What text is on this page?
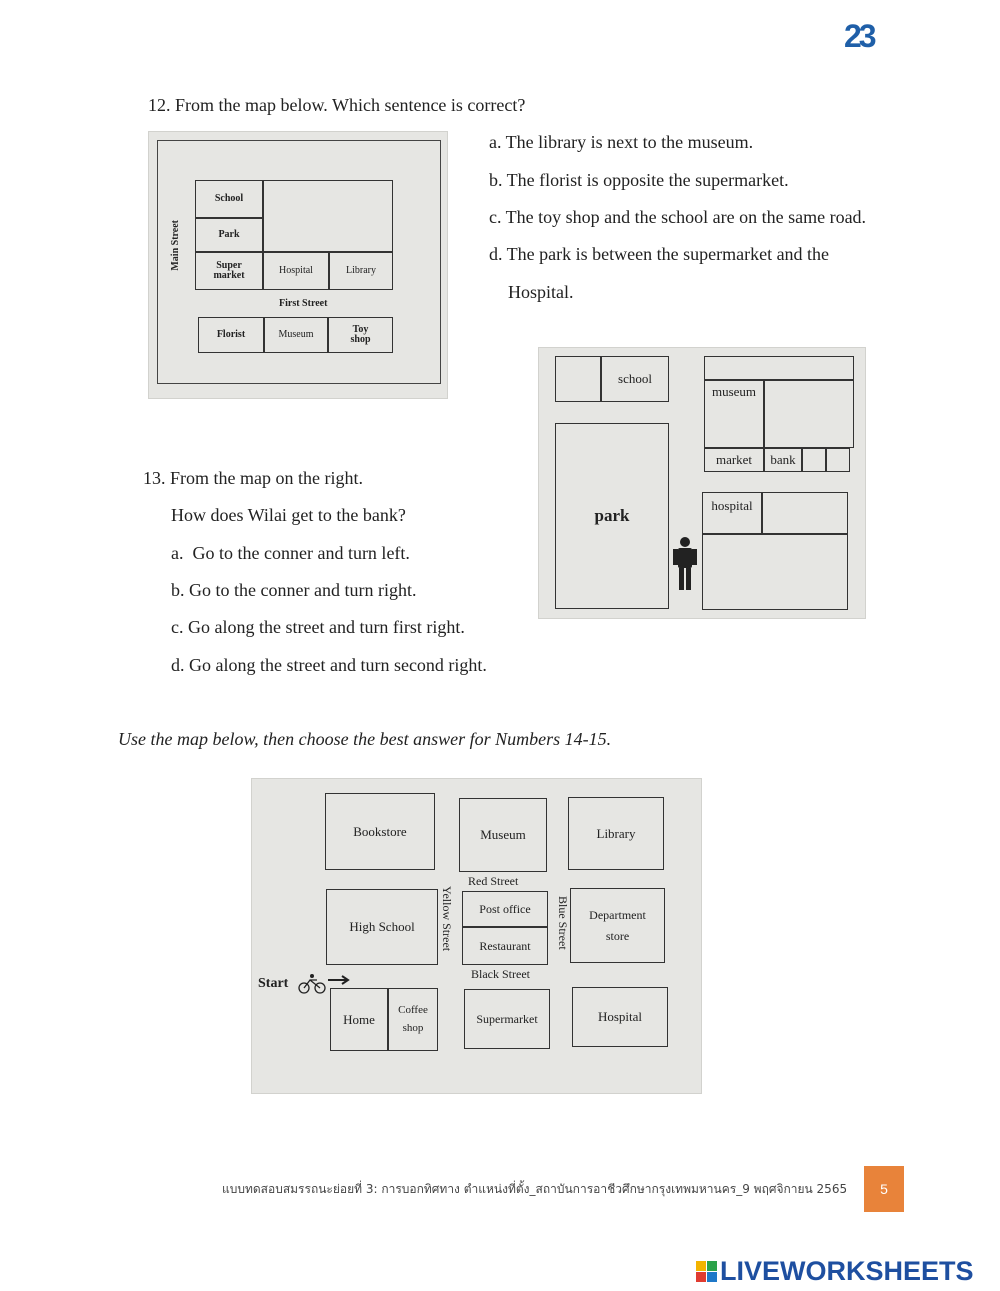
23
12. From the map below. Which sentence is correct?
a. The library is next to the museum.
b. The florist is opposite the supermarket.
c. The toy shop and the school are on the same road.
d. The park is between the supermarket and the
Hospital.
Main Street
School
Park
Super
market	Hospital	Library
First Street
Florist	Museum	Toy
shop
school
museum
market	bank
park
hospital
13. From the map on the right.
How does Wilai get to the bank?
a.  Go to the conner and turn left.
b. Go to the conner and turn right.
c. Go along the street and turn first right.
d. Go along the street and turn second right.
Use the map below, then choose the best answer for Numbers 14-15.
Bookstore	Museum	Library
Red Street
High School	Yellow Street	Post office
Restaurant	Blue Street Department
store
Black Street
Start
Home
Coffee
shop
Supermarket	Hospital
แบบทดสอบสมรรถนะย่อยที่ 3: การบอกทิศทาง ตำแหน่งที่ตั้ง_สถาบันการอาชีวศึกษากรุงเทพมหานคร_9 พฤศจิกายน 2565	5
LIVEWORKSHEETS
